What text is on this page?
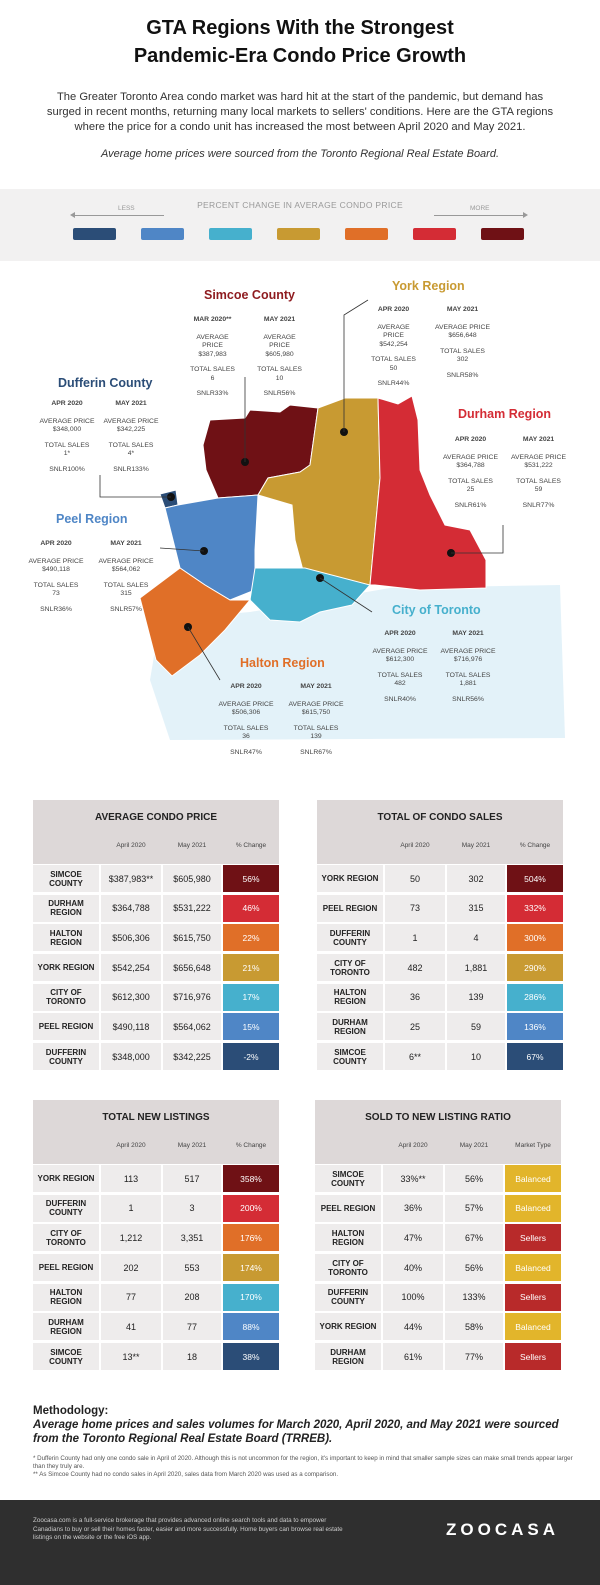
GTA Regions With the Strongest
Pandemic-Era Condo Price Growth

The Greater Toronto Area condo market was hard hit at the start of the pandemic, but demand has surged in recent months, returning many local markets to sellers' conditions. Here are the GTA regions where the price for a condo unit has increased the most between April 2020 and May 2021.

Average home prices were sourced from the Toronto Regional Real Estate Board.

PERCENT CHANGE IN AVERAGE CONDO PRICE
LESS	MORE
Simcoe County
MAR 2020**
AVERAGE PRICE
$387,983
TOTAL SALES
6
SNLR33%
MAY 2021
AVERAGE PRICE
$605,980
TOTAL SALES
10
SNLR56%
York Region
APR 2020
AVERAGE PRICE
$542,254
TOTAL SALES
50
SNLR44%
MAY 2021
AVERAGE PRICE
$656,648
TOTAL SALES
302
SNLR58%
Dufferin County
APR 2020
AVERAGE PRICE
$348,000
TOTAL SALES
1*
SNLR100%
MAY 2021
AVERAGE PRICE
$342,225
TOTAL SALES
4*
SNLR133%
Durham Region
APR 2020
AVERAGE PRICE
$364,788
TOTAL SALES
25
SNLR61%
MAY 2021
AVERAGE PRICE
$531,222
TOTAL SALES
59
SNLR77%
Peel Region
APR 2020
AVERAGE PRICE
$490,118
TOTAL SALES
73
SNLR36%
MAY 2021
AVERAGE PRICE
$564,062
TOTAL SALES
315
SNLR57%	City of Toronto
APR 2020
AVERAGE PRICE
$612,300
TOTAL SALES
482
SNLR40%
MAY 2021
AVERAGE PRICE
$716,976
TOTAL SALES
1,881
SNLR56%
Halton Region
APR 2020
AVERAGE PRICE
$506,306
TOTAL SALES
36
SNLR47%
MAY 2021
AVERAGE PRICE
$615,750
TOTAL SALES
139
SNLR67%
AVERAGE CONDO PRICE
April 2020	May 2021	% Change
SIMCOE COUNTY	$387,983**	$605,980	56%
DURHAM REGION	$364,788	$531,222	46%
HALTON REGION	$506,306	$615,750	22%
YORK REGION	$542,254	$656,648	21%
CITY OF TORONTO	$612,300	$716,976	17%
PEEL REGION	$490,118	$564,062	15%
DUFFERIN COUNTY	$348,000	$342,225	-2%
TOTAL OF CONDO SALES
April 2020	May 2021	% Change
YORK REGION	50	302	504%
PEEL REGION	73	315	332%
DUFFERIN COUNTY	1	4	300%
CITY OF TORONTO	482	1,881	290%
HALTON REGION	36	139	286%
DURHAM REGION	25	59	136%
SIMCOE COUNTY	6**	10	67%
TOTAL NEW LISTINGS
April 2020	May 2021	% Change
YORK REGION	113	517	358%
DUFFERIN COUNTY	1	3	200%
CITY OF TORONTO	1,212	3,351	176%
PEEL REGION	202	553	174%
HALTON REGION	77	208	170%
DURHAM REGION	41	77	88%
SIMCOE COUNTY	13**	18	38%
SOLD TO NEW LISTING RATIO
April 2020	May 2021	Market Type
SIMCOE COUNTY	33%**	56%	Balanced
PEEL REGION	36%	57%	Balanced
HALTON REGION	47%	67%	Sellers
CITY OF TORONTO	40%	56%	Balanced
DUFFERIN COUNTY	100%	133%	Sellers
YORK REGION	44%	58%	Balanced
DURHAM REGION	61%	77%	Sellers
Methodology:
Average home prices and sales volumes for March 2020, April 2020, and May 2021 were sourced from the Toronto Regional Real Estate Board (TRREB).
* Dufferin County had only one condo sale in April of 2020. Although this is not uncommon for the region, it's important to keep in mind that smaller sample sizes can make small trends appear larger than they truly are.
** As Simcoe County had no condo sales in April 2020, sales data from March 2020 was used as a comparison.
Zoocasa.com is a full-service brokerage that provides advanced online search tools and data to empower Canadians to buy or sell their homes faster, easier and more successfully. Home buyers can browse real estate listings on the website or the free iOS app.	ZOOCASA
